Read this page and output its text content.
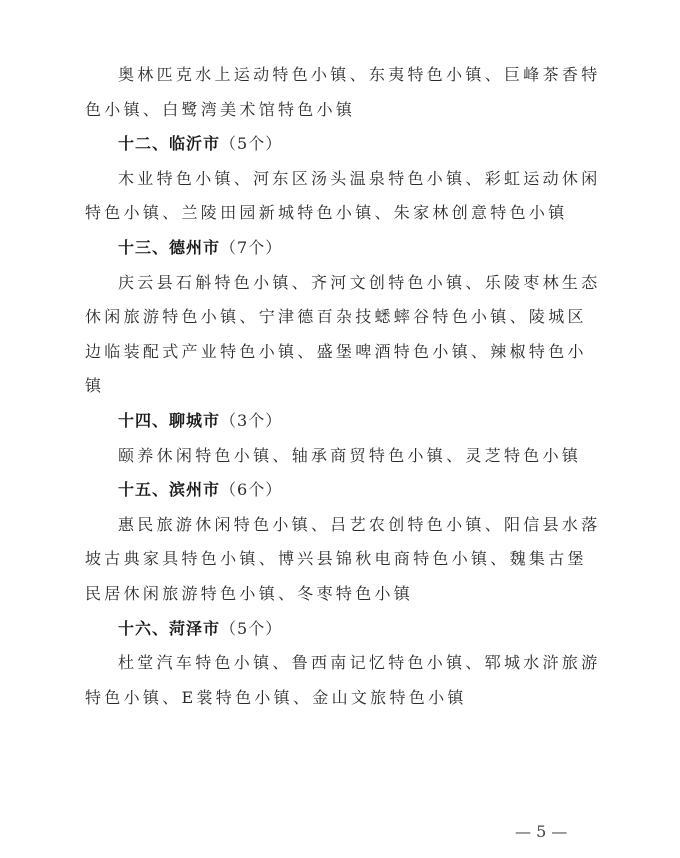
奥林匹克水上运动特色小镇、东夷特色小镇、巨峰茶香特色小镇、白鹭湾美术馆特色小镇

十二、临沂市（5个）

木业特色小镇、河东区汤头温泉特色小镇、彩虹运动休闲特色小镇、兰陵田园新城特色小镇、朱家林创意特色小镇

十三、德州市（7个）

庆云县石斛特色小镇、齐河文创特色小镇、乐陵枣林生态休闲旅游特色小镇、宁津德百杂技蟋蟀谷特色小镇、陵城区边临装配式产业特色小镇、盛堡啤酒特色小镇、辣椒特色小镇

十四、聊城市（3个）

颐养休闲特色小镇、轴承商贸特色小镇、灵芝特色小镇

十五、滨州市（6个）

惠民旅游休闲特色小镇、吕艺农创特色小镇、阳信县水落坡古典家具特色小镇、博兴县锦秋电商特色小镇、魏集古堡民居休闲旅游特色小镇、冬枣特色小镇

十六、菏泽市（5个）

杜堂汽车特色小镇、鲁西南记忆特色小镇、郓城水浒旅游特色小镇、E裳特色小镇、金山文旅特色小镇

— 5 —
